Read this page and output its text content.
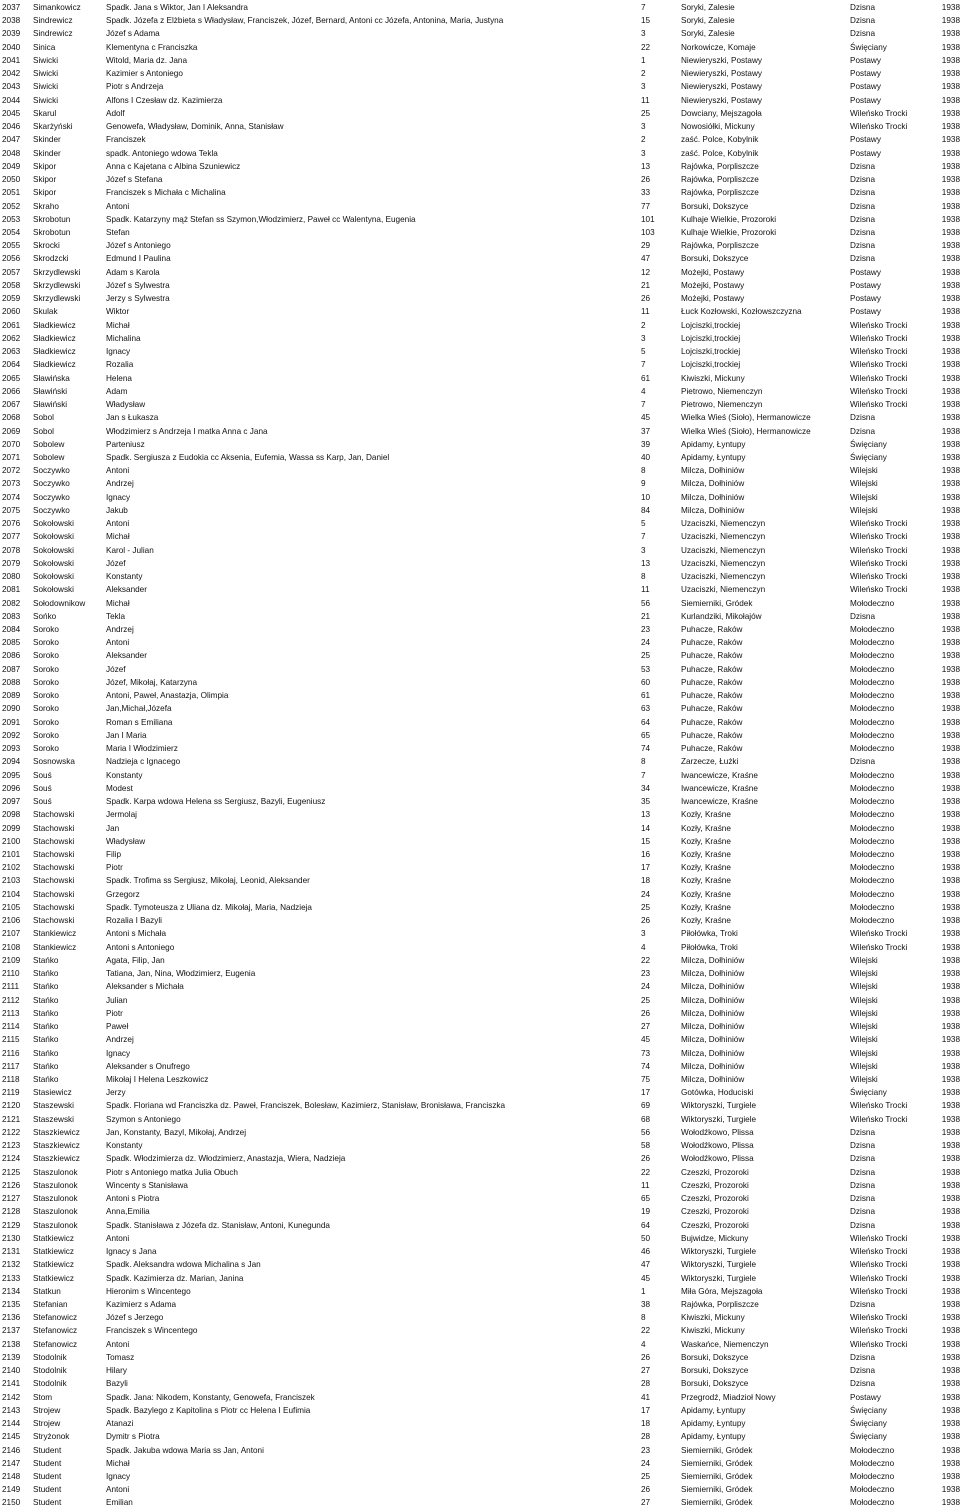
2037	Simankowicz	Spadk. Jana s Wiktor, Jan I Aleksandra	7	Soryki, Zalesie	Dzisna	1938
2038	Sindrewicz	Spadk. Józefa z Elżbieta s Władysław, Franciszek, Józef, Bernard, Antoni cc Józefa, Antonina, Maria, Justyna	15	Soryki, Zalesie	Dzisna	1938
2039	Sindrewicz	Józef s Adama	3	Soryki, Zalesie	Dzisna	1938
2040	Sinica	Klementyna c Franciszka	22	Norkowicze, Komaje	Święciany	1938
2041	Siwicki	Witold, Maria dz. Jana	1	Niewieryszki, Postawy	Postawy	1938
2042	Siwicki	Kazimier s Antoniego	2	Niewieryszki, Postawy	Postawy	1938
2043	Siwicki	Piotr s Andrzeja	3	Niewieryszki, Postawy	Postawy	1938
2044	Siwicki	Alfons I Czesław dz. Kazimierza	11	Niewieryszki, Postawy	Postawy	1938
2045	Skarul	Adolf	25	Dowciany, Mejszagoła	Wileńsko Trocki	1938
2046	Skarżyński	Genowefa, Władysław, Dominik, Anna, Stanisław	3	Nowosiółki, Mickuny	Wileńsko Trocki	1938
2047	Skinder	Franciszek	2	zaść. Polce, Kobylnik	Postawy	1938
2048	Skinder	spadk. Antoniego wdowa Tekla	3	zaść. Polce, Kobylnik	Postawy	1938
2049	Skipor	Anna c Kajetana c Albina Szuniewicz	13	Rajówka, Porpliszcze	Dzisna	1938
2050	Skipor	Józef s Stefana	26	Rajówka, Porpliszcze	Dzisna	1938
2051	Skipor	Franciszek s Michała c Michalina	33	Rajówka, Porpliszcze	Dzisna	1938
2052	Skraho	Antoni	77	Borsuki, Dokszyce	Dzisna	1938
2053	Skrobotun	Spadk. Katarzyny mąż Stefan ss Szymon,Włodzimierz, Paweł cc Walentyna, Eugenia	101	Kulhaje Wielkie, Prozoroki	Dzisna	1938
2054	Skrobotun	Stefan	103	Kulhaje Wielkie, Prozoroki	Dzisna	1938
2055	Skrocki	Józef s Antoniego	29	Rajówka, Porpliszcze	Dzisna	1938
2056	Skrodzcki	Edmund I Paulina	47	Borsuki, Dokszyce	Dzisna	1938
2057	Skrzydlewski	Adam s Karola	12	Możejki, Postawy	Postawy	1938
2058	Skrzydlewski	Józef s Sylwestra	21	Możejki, Postawy	Postawy	1938
2059	Skrzydlewski	Jerzy s Sylwestra	26	Możejki, Postawy	Postawy	1938
2060	Skulak	Wiktor	11	Łuck Kozłowski, Kozłowszczyzna	Postawy	1938
2061	Sładkiewicz	Michał	2	Lojciszki,trockiej	Wileńsko Trocki	1938
2062	Sładkiewicz	Michalina	3	Lojciszki,trockiej	Wileńsko Trocki	1938
2063	Sładkiewicz	Ignacy	5	Lojciszki,trockiej	Wileńsko Trocki	1938
2064	Sładkiewicz	Rozalia	7	Lojciszki,trockiej	Wileńsko Trocki	1938
2065	Sławińska	Helena	61	Kiwiszki, Mickuny	Wileńsko Trocki	1938
2066	Sławiński	Adam	4	Pietrowo, Niemenczyn	Wileńsko Trocki	1938
2067	Sławiński	Władysław	7	Pietrowo, Niemenczyn	Wileńsko Trocki	1938
2068	Sobol	Jan s Łukasza	45	Wielka Wieś (Sioło), Hermanowicze	Dzisna	1938
2069	Sobol	Włodzimierz s Andrzeja I matka Anna c Jana	37	Wielka Wieś (Sioło), Hermanowicze	Dzisna	1938
2070	Sobolew	Parteniusz	39	Apidamy, Łyntupy	Święciany	1938
2071	Sobolew	Spadk. Sergiusza z Eudokia cc Aksenia, Eufemia, Wassa ss Karp, Jan, Daniel	40	Apidamy, Łyntupy	Święciany	1938
2072	Soczywko	Antoni	8	Milcza, Dołhiniów	Wilejski	1938
2073	Soczywko	Andrzej	9	Milcza, Dołhiniów	Wilejski	1938
2074	Soczywko	Ignacy	10	Milcza, Dołhiniów	Wilejski	1938
2075	Soczywko	Jakub	84	Milcza, Dołhiniów	Wilejski	1938
2076	Sokołowski	Antoni	5	Uzaciszki, Niemenczyn	Wileńsko Trocki	1938
2077	Sokołowski	Michał	7	Uzaciszki, Niemenczyn	Wileńsko Trocki	1938
2078	Sokołowski	Karol - Julian	3	Uzaciszki, Niemenczyn	Wileńsko Trocki	1938
2079	Sokołowski	Józef	13	Uzaciszki, Niemenczyn	Wileńsko Trocki	1938
2080	Sokołowski	Konstanty	8	Uzaciszki, Niemenczyn	Wileńsko Trocki	1938
2081	Sokołowski	Aleksander	11	Uzaciszki, Niemenczyn	Wileńsko Trocki	1938
2082	Sołodownikow	Michał	56	Siemierniki, Gródek	Mołodeczno	1938
2083	Sońko	Tekla	21	Kurlandziki, Mikołajów	Dzisna	1938
2084	Soroko	Andrzej	23	Puhacze, Raków	Mołodeczno	1938
2085	Soroko	Antoni	24	Puhacze, Raków	Mołodeczno	1938
2086	Soroko	Aleksander	25	Puhacze, Raków	Mołodeczno	1938
2087	Soroko	Józef	53	Puhacze, Raków	Mołodeczno	1938
2088	Soroko	Józef, Mikołaj, Katarzyna	60	Puhacze, Raków	Mołodeczno	1938
2089	Soroko	Antoni, Paweł, Anastazja, Olimpia	61	Puhacze, Raków	Mołodeczno	1938
2090	Soroko	Jan,Michał,Józefa	63	Puhacze, Raków	Mołodeczno	1938
2091	Soroko	Roman s Emiliana	64	Puhacze, Raków	Mołodeczno	1938
2092	Soroko	Jan I Maria	65	Puhacze, Raków	Mołodeczno	1938
2093	Soroko	Maria I Włodzimierz	74	Puhacze, Raków	Mołodeczno	1938
2094	Sosnowska	Nadzieja c Ignacego	8	Zarzecze, Łużki	Dzisna	1938
2095	Souś	Konstanty	7	Iwancewicze, Kraśne	Mołodeczno	1938
2096	Souś	Modest	34	Iwancewicze, Kraśne	Mołodeczno	1938
2097	Souś	Spadk. Karpa wdowa Helena ss Sergiusz, Bazyli, Eugeniusz	35	Iwancewicze, Kraśne	Mołodeczno	1938
2098	Stachowski	Jermolaj	13	Kozły, Kraśne	Mołodeczno	1938
2099	Stachowski	Jan	14	Kozły, Kraśne	Mołodeczno	1938
2100	Stachowski	Władysław	15	Kozły, Kraśne	Mołodeczno	1938
2101	Stachowski	Filip	16	Kozły, Kraśne	Mołodeczno	1938
2102	Stachowski	Piotr	17	Kozły, Kraśne	Mołodeczno	1938
2103	Stachowski	Spadk. Trofima ss Sergiusz, Mikołaj, Leonid, Aleksander	18	Kozły, Kraśne	Mołodeczno	1938
2104	Stachowski	Grzegorz	24	Kozły, Kraśne	Mołodeczno	1938
2105	Stachowski	Spadk. Tymoteusza z Uliana dz. Mikołaj, Maria, Nadzieja	25	Kozły, Kraśne	Mołodeczno	1938
2106	Stachowski	Rozalia I Bazyli	26	Kozły, Kraśne	Mołodeczno	1938
2107	Stankiewicz	Antoni s Michała	3	Piłołówka, Troki	Wileńsko Trocki	1938
2108	Stankiewicz	Antoni s Antoniego	4	Piłołówka, Troki	Wileńsko Trocki	1938
2109	Stańko	Agata, Filip, Jan	22	Milcza, Dołhiniów	Wilejski	1938
2110	Stańko	Tatiana, Jan, Nina, Włodzimierz, Eugenia	23	Milcza, Dołhiniów	Wilejski	1938
2111	Stańko	Aleksander s Michała	24	Milcza, Dołhiniów	Wilejski	1938
2112	Stańko	Julian	25	Milcza, Dołhiniów	Wilejski	1938
2113	Stańko	Piotr	26	Milcza, Dołhiniów	Wilejski	1938
2114	Stańko	Paweł	27	Milcza, Dołhiniów	Wilejski	1938
2115	Stańko	Andrzej	45	Milcza, Dołhiniów	Wilejski	1938
2116	Stańko	Ignacy	73	Milcza, Dołhiniów	Wilejski	1938
2117	Stańko	Aleksander s Onufrego	74	Milcza, Dołhiniów	Wilejski	1938
2118	Stańko	Mikołaj I Helena Leszkowicz	75	Milcza, Dołhiniów	Wilejski	1938
2119	Stasiewicz	Jerzy	17	Gotówka, Hoduciski	Święciany	1938
2120	Staszewski	Spadk. Floriana wd Franciszka dz. Paweł, Franciszek, Bolesław, Kazimierz, Stanisław, Bronisława, Franciszka	69	Wiktoryszki, Turgiele	Wileńsko Trocki	1938
2121	Staszewski	Szymon s Antoniego	68	Wiktoryszki, Turgiele	Wileńsko Trocki	1938
2122	Staszkiewicz	Jan, Konstanty, Bazyl, Mikołaj, Andrzej	56	Wołodźkowo, Plissa	Dzisna	1938
2123	Staszkiewicz	Konstanty	58	Wołodźkowo, Plissa	Dzisna	1938
2124	Staszkiewicz	Spadk. Włodzimierza dz. Włodzimierz, Anastazja, Wiera, Nadzieja	26	Wołodźkowo, Plissa	Dzisna	1938
2125	Staszulonok	Piotr s Antoniego matka Julia Obuch	22	Czeszki, Prozoroki	Dzisna	1938
2126	Staszulonok	Wincenty s Stanisława	11	Czeszki, Prozoroki	Dzisna	1938
2127	Staszulonok	Antoni s Piotra	65	Czeszki, Prozoroki	Dzisna	1938
2128	Staszulonok	Anna,Emilia	19	Czeszki, Prozoroki	Dzisna	1938
2129	Staszulonok	Spadk. Stanisława z Józefa dz. Stanisław, Antoni, Kunegunda	64	Czeszki, Prozoroki	Dzisna	1938
2130	Statkiewicz	Antoni	50	Bujwidze, Mickuny	Wileńsko Trocki	1938
2131	Statkiewicz	Ignacy s Jana	46	Wiktoryszki, Turgiele	Wileńsko Trocki	1938
2132	Statkiewicz	Spadk. Aleksandra wdowa Michalina s Jan	47	Wiktoryszki, Turgiele	Wileńsko Trocki	1938
2133	Statkiewicz	Spadk. Kazimierza dz. Marian, Janina	45	Wiktoryszki, Turgiele	Wileńsko Trocki	1938
2134	Statkun	Hieronim s Wincentego	1	Miła Góra, Mejszagoła	Wileńsko Trocki	1938
2135	Stefanian	Kazimierz s Adama	38	Rajówka, Porpliszcze	Dzisna	1938
2136	Stefanowicz	Józef s Jerzego	8	Kiwiszki, Mickuny	Wileńsko Trocki	1938
2137	Stefanowicz	Franciszek s Wincentego	22	Kiwiszki, Mickuny	Wileńsko Trocki	1938
2138	Stefanowicz	Antoni	4	Waskańce, Niemenczyn	Wileńsko Trocki	1938
2139	Stodolnik	Tomasz	26	Borsuki, Dokszyce	Dzisna	1938
2140	Stodolnik	Hilary	27	Borsuki, Dokszyce	Dzisna	1938
2141	Stodolnik	Bazyli	28	Borsuki, Dokszyce	Dzisna	1938
2142	Stom	Spadk. Jana: Nikodem, Konstanty, Genowefa, Franciszek	41	Przegrodź, Miadzioł Nowy	Postawy	1938
2143	Strojew	Spadk. Bazylego z Kapitolina s Piotr cc Helena I Eufimia	17	Apidamy, Łyntupy	Święciany	1938
2144	Strojew	Atanazi	18	Apidamy, Łyntupy	Święciany	1938
2145	Stryżonok	Dymitr s Piotra	28	Apidamy, Łyntupy	Święciany	1938
2146	Student	Spadk. Jakuba wdowa Maria ss Jan, Antoni	23	Siemierniki, Gródek	Mołodeczno	1938
2147	Student	Michał	24	Siemierniki, Gródek	Mołodeczno	1938
2148	Student	Ignacy	25	Siemierniki, Gródek	Mołodeczno	1938
2149	Student	Antoni	26	Siemierniki, Gródek	Mołodeczno	1938
2150	Student	Emilian	27	Siemierniki, Gródek	Mołodeczno	1938
